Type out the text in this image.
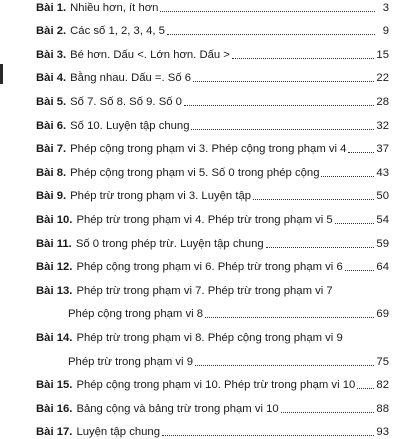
Bài 1. Nhiều hơn, ít hơn	3
Bài 2. Các số 1, 2, 3, 4, 5	9
Bài 3. Bé hơn. Dấu <. Lớn hơn. Dấu >	15
Bài 4. Bằng nhau. Dấu =. Số 6	22
Bài 5. Số 7. Số 8. Số 9. Số 0	28
Bài 6. Số 10. Luyện tập chung	32
Bài 7. Phép cộng trong phạm vi 3. Phép cộng trong phạm vi 4	37
Bài 8. Phép cộng trong phạm vi 5. Số 0 trong phép cộng	43
Bài 9. Phép trừ trong phạm vi 3. Luyện tập	50
Bài 10. Phép trừ trong phạm vi 4. Phép trừ trong phạm vi 5	54
Bài 11. Số 0 trong phép trừ. Luyện tập chung	59
Bài 12. Phép cộng trong phạm vi 6. Phép trừ trong phạm vi 6	64
Bài 13. Phép trừ trong phạm vi 7. Phép trừ trong phạm vi 7
Phép cộng trong phạm vi 8	69
Bài 14. Phép trừ trong phạm vi 8. Phép cộng trong phạm vi 9
Phép trừ trong phạm vi 9	75
Bài 15. Phép cộng trong phạm vi 10. Phép trừ trong phạm vi 10 82
Bài 16. Bảng cộng và bảng trừ trong phạm vi 10	88
Bài 17. Luyện tập chung	93
